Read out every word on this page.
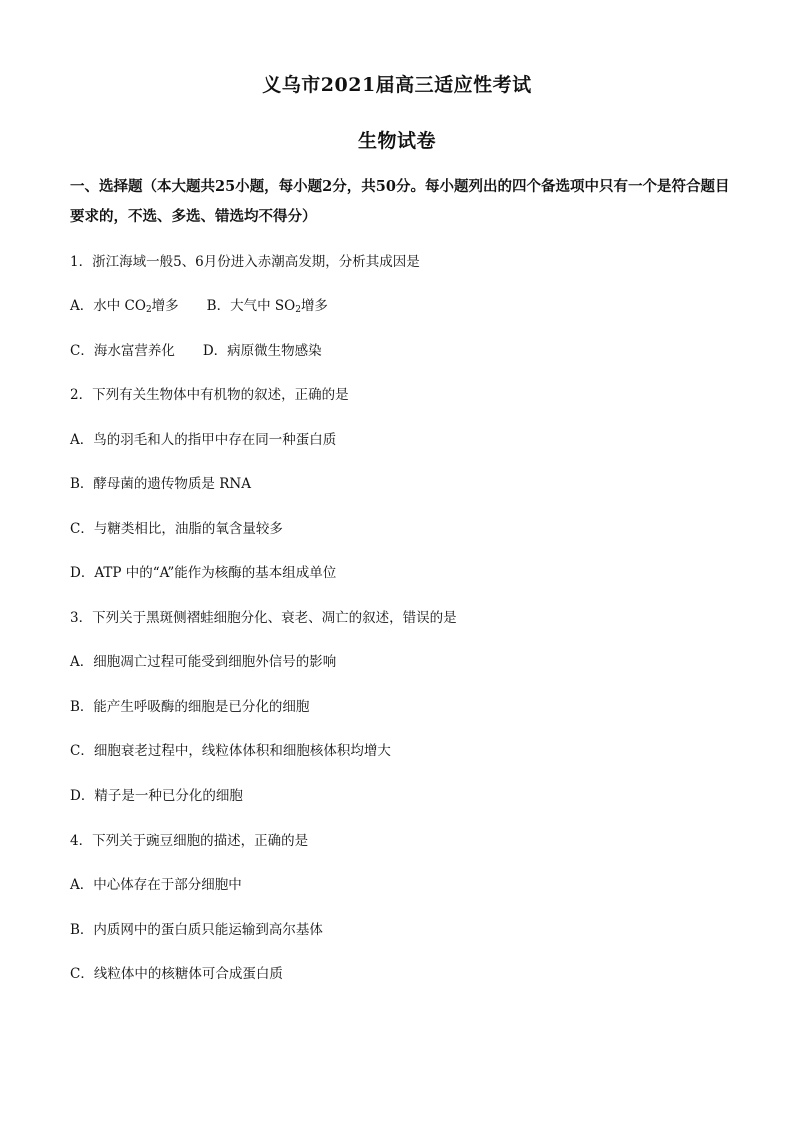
义乌市2021届高三适应性考试
生物试卷
一、选择题（本大题共25小题，每小题2分，共50分。每小题列出的四个备选项中只有一个是符合题目要求的，不选、多选、错选均不得分）
1．浙江海域一般5、6月份进入赤潮高发期，分析其成因是
A．水中 $CO_2$增多 B．大气中 $SO_2$增多
C．海水富营养化 D．病原微生物感染
2．下列有关生物体中有机物的叙述，正确的是
A．鸟的羽毛和人的指甲中存在同一种蛋白质
B．酵母菌的遗传物质是 RNA
C．与糖类相比，油脂的氧含量较多
D．ATP 中的“A”能作为核酶的基本组成单位
3．下列关于黑斑侧褶蛙细胞分化、衰老、凋亡的叙述，错误的是
A．细胞凋亡过程可能受到细胞外信号的影响
B．能产生呼吸酶的细胞是已分化的细胞
C．细胞衰老过程中，线粒体体积和细胞核体积均增大
D．精子是一种已分化的细胞
4．下列关于豌豆细胞的描述，正确的是
A．中心体存在于部分细胞中
B．内质网中的蛋白质只能运输到高尔基体
C．线粒体中的核糖体可合成蛋白质
